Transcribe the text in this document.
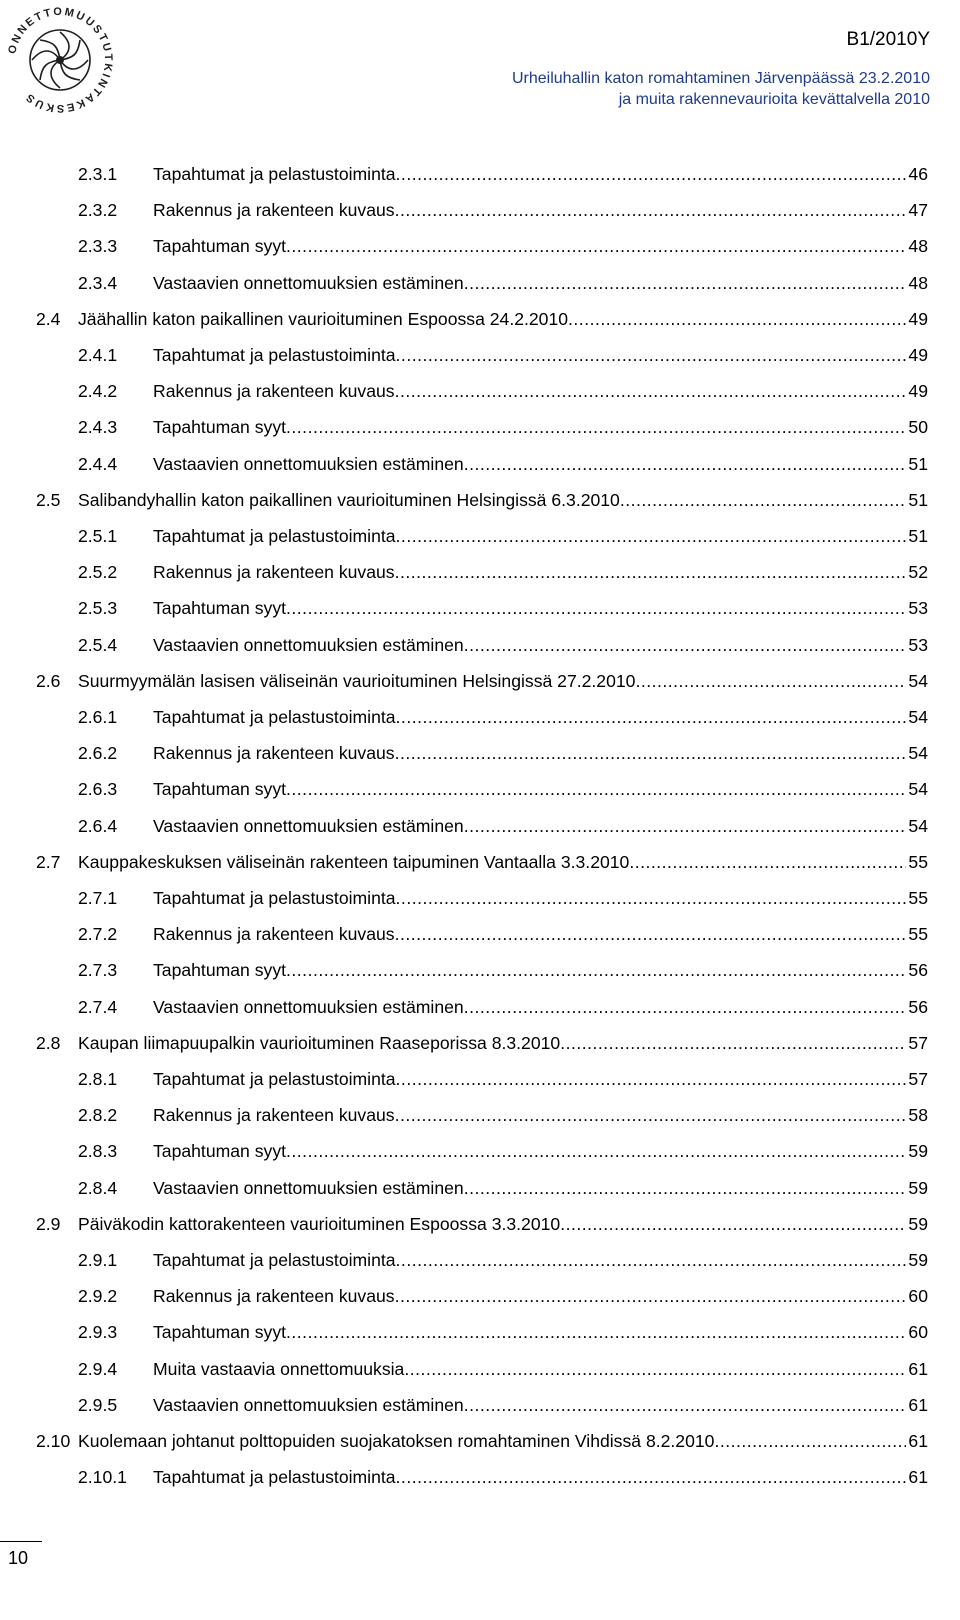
ONNETTOMUUSTUTKINTAKESKUS
B1/2010Y
Urheiluhallin katon romahtaminen Järvenpäässä 23.2.2010
ja muita rakennevaurioita kevättalvella 2010
2.3.1 Tapahtumat ja pelastustoiminta .....	46
2.3.2 Rakennus ja rakenteen kuvaus .....	47
2.3.3 Tapahtuman syyt .....	48
2.3.4 Vastaavien onnettomuuksien estäminen .....	48
2.4 Jäähallin katon paikallinen vaurioituminen Espoossa 24.2.2010 .....	49
2.4.1 Tapahtumat ja pelastustoiminta .....	49
2.4.2 Rakennus ja rakenteen kuvaus .....	49
2.4.3 Tapahtuman syyt .....	50
2.4.4 Vastaavien onnettomuuksien estäminen .....	51
2.5 Salibandyhallin katon paikallinen vaurioituminen Helsingissä 6.3.2010 .....	51
2.5.1 Tapahtumat ja pelastustoiminta .....	51
2.5.2 Rakennus ja rakenteen kuvaus .....	52
2.5.3 Tapahtuman syyt .....	53
2.5.4 Vastaavien onnettomuuksien estäminen .....	53
2.6 Suurmyymälän lasisen väliseinän vaurioituminen Helsingissä 27.2.2010 .....	54
2.6.1 Tapahtumat ja pelastustoiminta .....	54
2.6.2 Rakennus ja rakenteen kuvaus .....	54
2.6.3 Tapahtuman syyt .....	54
2.6.4 Vastaavien onnettomuuksien estäminen .....	54
2.7 Kauppakeskuksen väliseinän rakenteen taipuminen Vantaalla 3.3.2010 .....	55
2.7.1 Tapahtumat ja pelastustoiminta .....	55
2.7.2 Rakennus ja rakenteen kuvaus .....	55
2.7.3 Tapahtuman syyt .....	56
2.7.4 Vastaavien onnettomuuksien estäminen .....	56
2.8 Kaupan liimapuupalkin vaurioituminen Raaseporissa 8.3.2010 .....	57
2.8.1 Tapahtumat ja pelastustoiminta .....	57
2.8.2 Rakennus ja rakenteen kuvaus .....	58
2.8.3 Tapahtuman syyt .....	59
2.8.4 Vastaavien onnettomuuksien estäminen .....	59
2.9 Päiväkodin kattorakenteen vaurioituminen Espoossa 3.3.2010 .....	59
2.9.1 Tapahtumat ja pelastustoiminta .....	59
2.9.2 Rakennus ja rakenteen kuvaus .....	60
2.9.3 Tapahtuman syyt .....	60
2.9.4 Muita vastaavia onnettomuuksia .....	61
2.9.5 Vastaavien onnettomuuksien estäminen .....	61
2.10 Kuolemaan johtanut polttopuiden suojakatoksen romahtaminen Vihdissä 8.2.2010 .....	61
2.10.1 Tapahtumat ja pelastustoiminta .....	61
10
